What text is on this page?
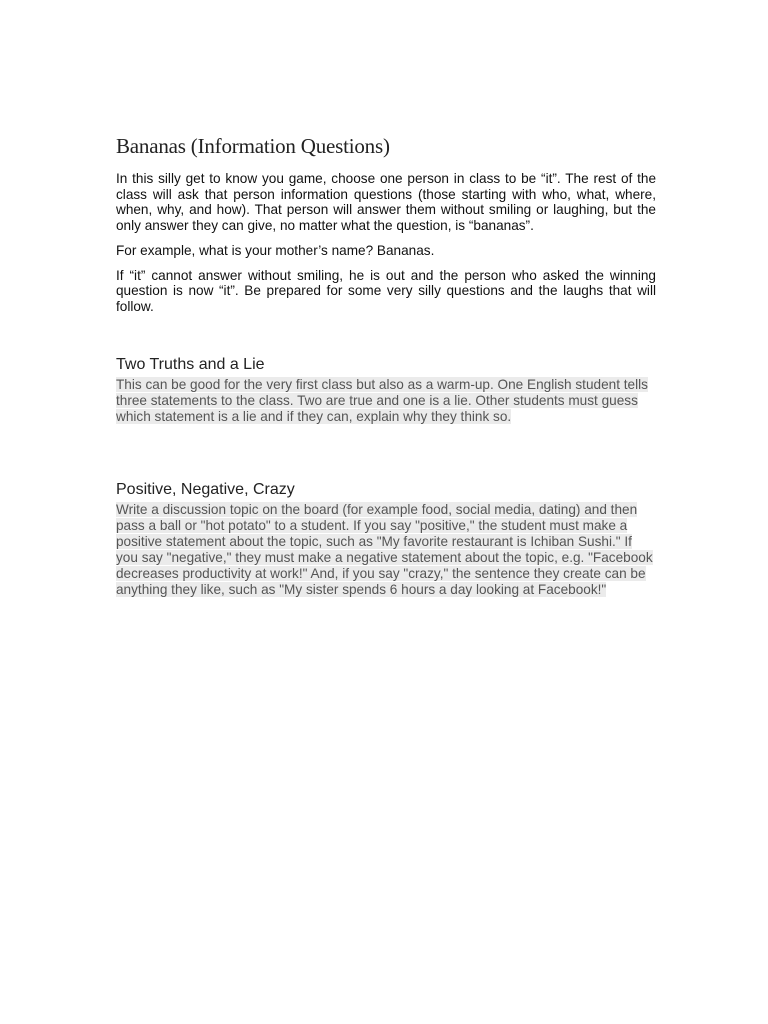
Bananas (Information Questions)

In this silly get to know you game, choose one person in class to be “it”. The rest of the class will ask that person information questions (those starting with who, what, where, when, why, and how). That person will answer them without smiling or laughing, but the only answer they can give, no matter what the question, is “bananas”.

For example, what is your mother’s name? Bananas.

If “it” cannot answer without smiling, he is out and the person who asked the winning question is now “it”. Be prepared for some very silly questions and the laughs that will follow.

Two Truths and a Lie

This can be good for the very first class but also as a warm-up. One English student tells three statements to the class. Two are true and one is a lie. Other students must guess which statement is a lie and if they can, explain why they think so.

Positive, Negative, Crazy

Write a discussion topic on the board (for example food, social media, dating) and then pass a ball or "hot potato" to a student. If you say "positive," the student must make a positive statement about the topic, such as "My favorite restaurant is Ichiban Sushi." If you say "negative," they must make a negative statement about the topic, e.g. "Facebook decreases productivity at work!" And, if you say "crazy," the sentence they create can be anything they like, such as "My sister spends 6 hours a day looking at Facebook!"
